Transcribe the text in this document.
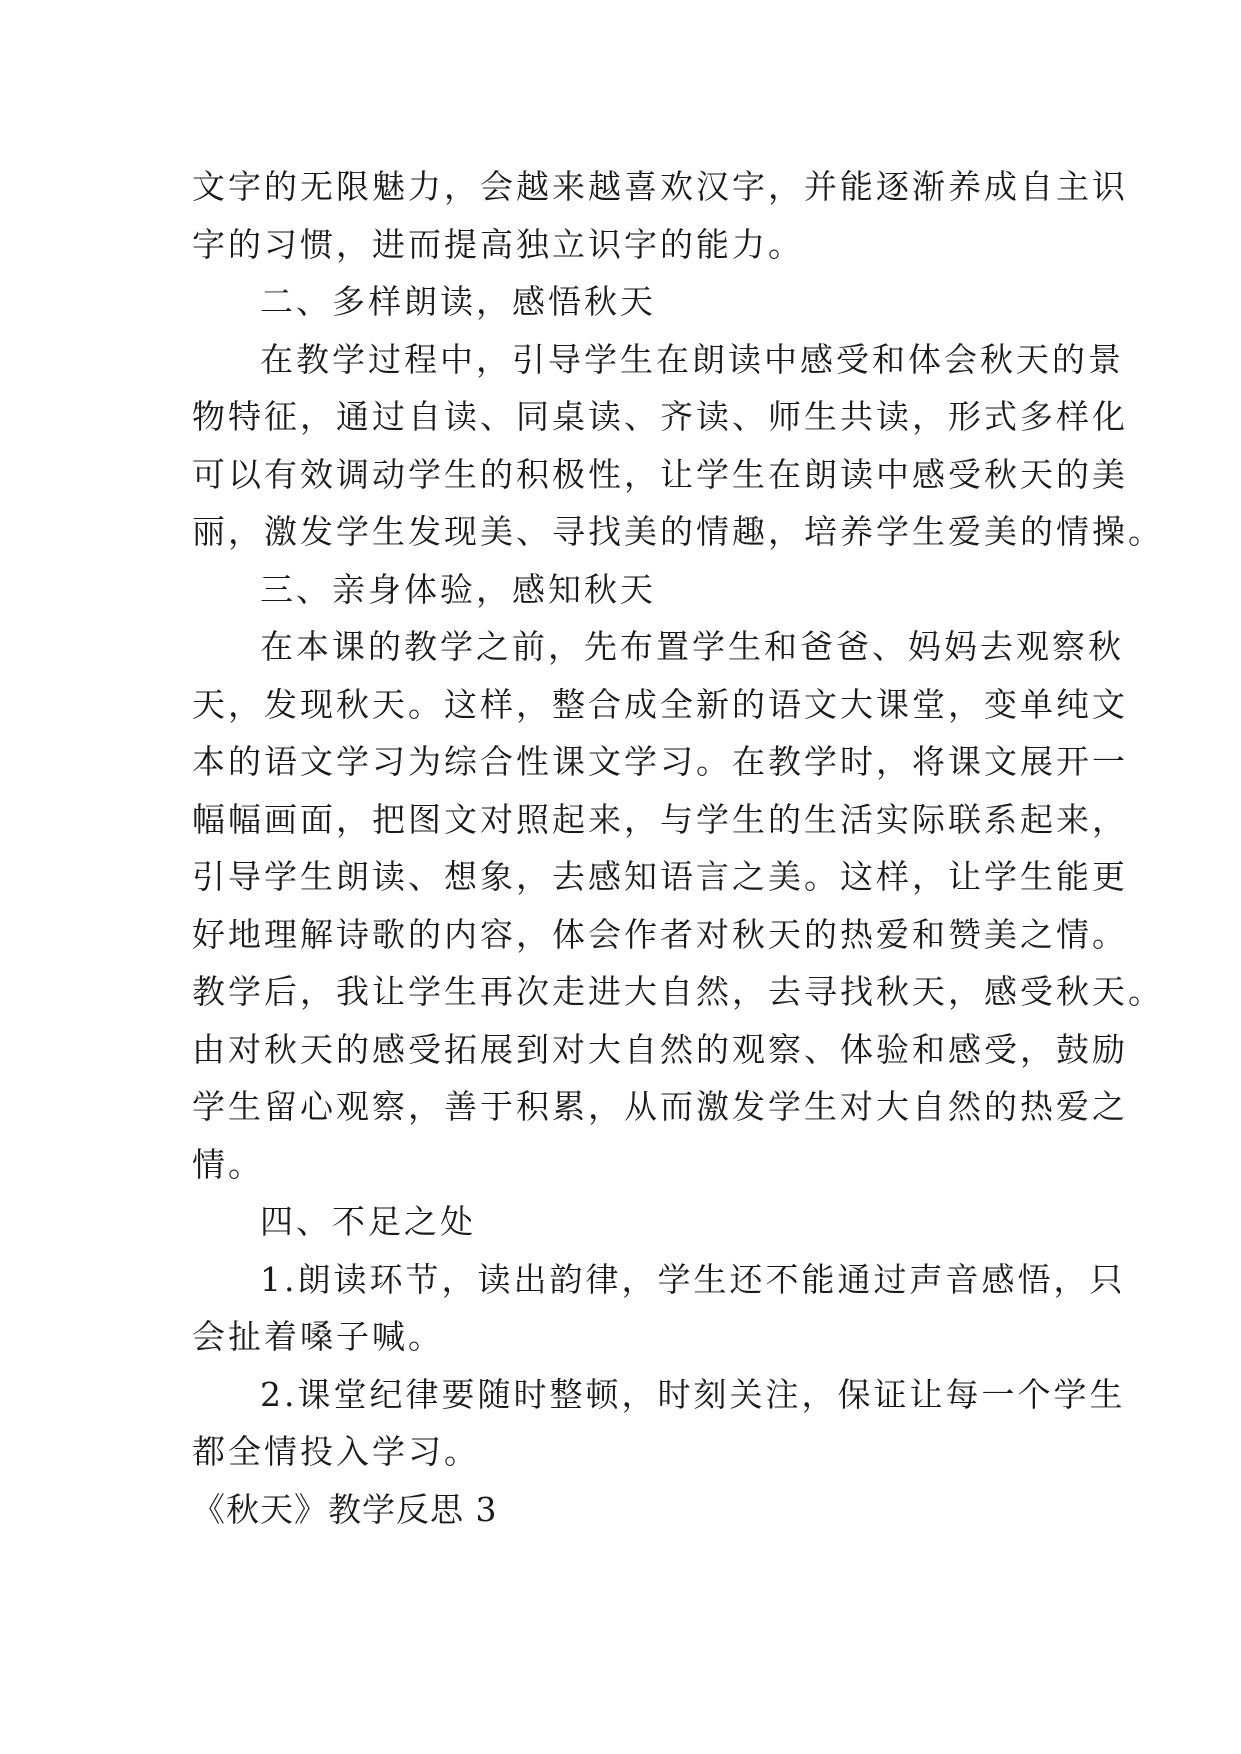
文字的无限魅力，会越来越喜欢汉字，并能逐渐养成自主识
字的习惯，进而提高独立识字的能力。
二、多样朗读，感悟秋天
在教学过程中，引导学生在朗读中感受和体会秋天的景
物特征，通过自读、同桌读、齐读、师生共读，形式多样化
可以有效调动学生的积极性，让学生在朗读中感受秋天的美
丽，激发学生发现美、寻找美的情趣，培养学生爱美的情操。
三、亲身体验，感知秋天
在本课的教学之前，先布置学生和爸爸、妈妈去观察秋
天，发现秋天。这样，整合成全新的语文大课堂，变单纯文
本的语文学习为综合性课文学习。在教学时，将课文展开一
幅幅画面，把图文对照起来，与学生的生活实际联系起来，
引导学生朗读、想象，去感知语言之美。这样，让学生能更
好地理解诗歌的内容，体会作者对秋天的热爱和赞美之情。
教学后，我让学生再次走进大自然，去寻找秋天，感受秋天。
由对秋天的感受拓展到对大自然的观察、体验和感受，鼓励
学生留心观察，善于积累，从而激发学生对大自然的热爱之
情。
四、不足之处
1.朗读环节，读出韵律，学生还不能通过声音感悟，只
会扯着嗓子喊。
2.课堂纪律要随时整顿，时刻关注，保证让每一个学生
都全情投入学习。
《秋天》教学反思 3
